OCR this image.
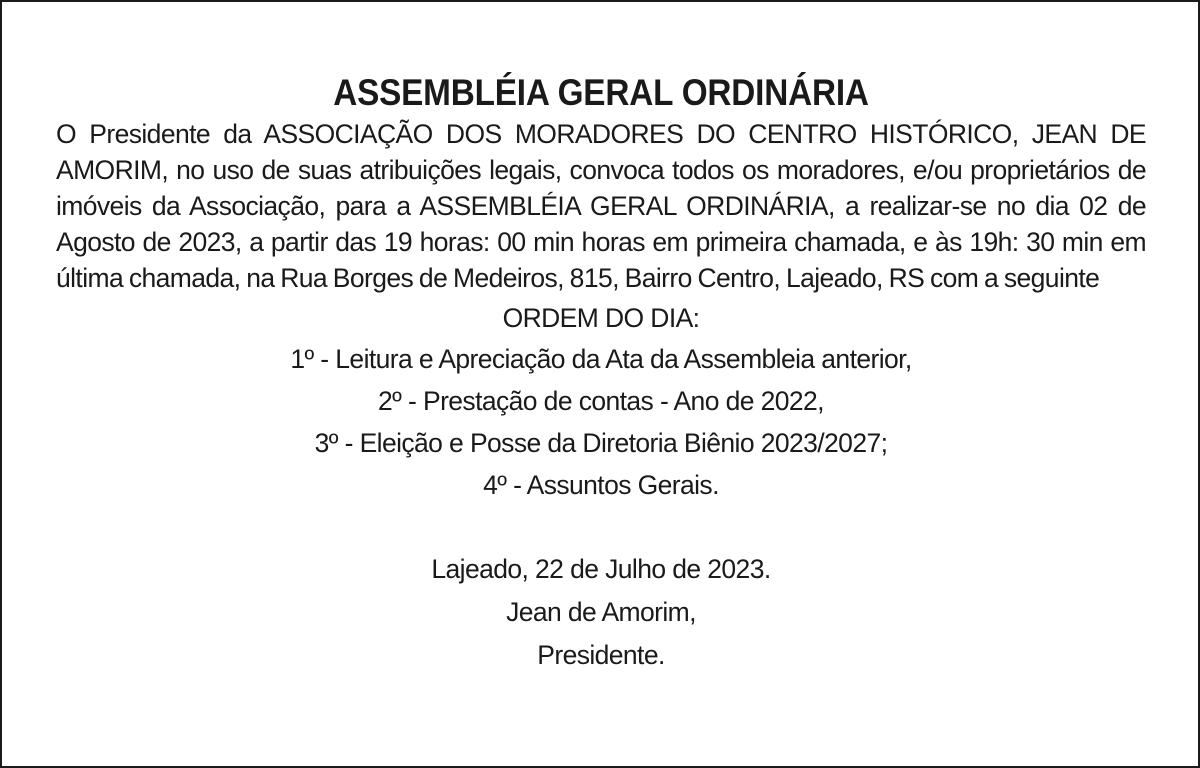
ASSEMBLÉIA GERAL ORDINÁRIA

O Presidente da ASSOCIAÇÃO DOS MORADORES DO CENTRO HISTÓRICO, JEAN DE AMORIM, no uso de suas atribuições legais, convoca todos os moradores, e/ou proprietários de imóveis da Associação, para a ASSEMBLÉIA GERAL ORDINÁRIA, a realizar-se no dia 02 de Agosto de 2023, a partir das 19 horas: 00 min horas em primeira chamada, e às 19h: 30 min em última chamada, na Rua Borges de Medeiros, 815, Bairro Centro, Lajeado, RS com a seguinte

ORDEM DO DIA:

1º - Leitura e Apreciação da Ata da Assembleia anterior,

2º - Prestação de contas - Ano de 2022,

3º - Eleição e Posse da Diretoria Biênio 2023/2027;

4º - Assuntos Gerais.

Lajeado, 22 de Julho de 2023.

Jean de Amorim,

Presidente.
